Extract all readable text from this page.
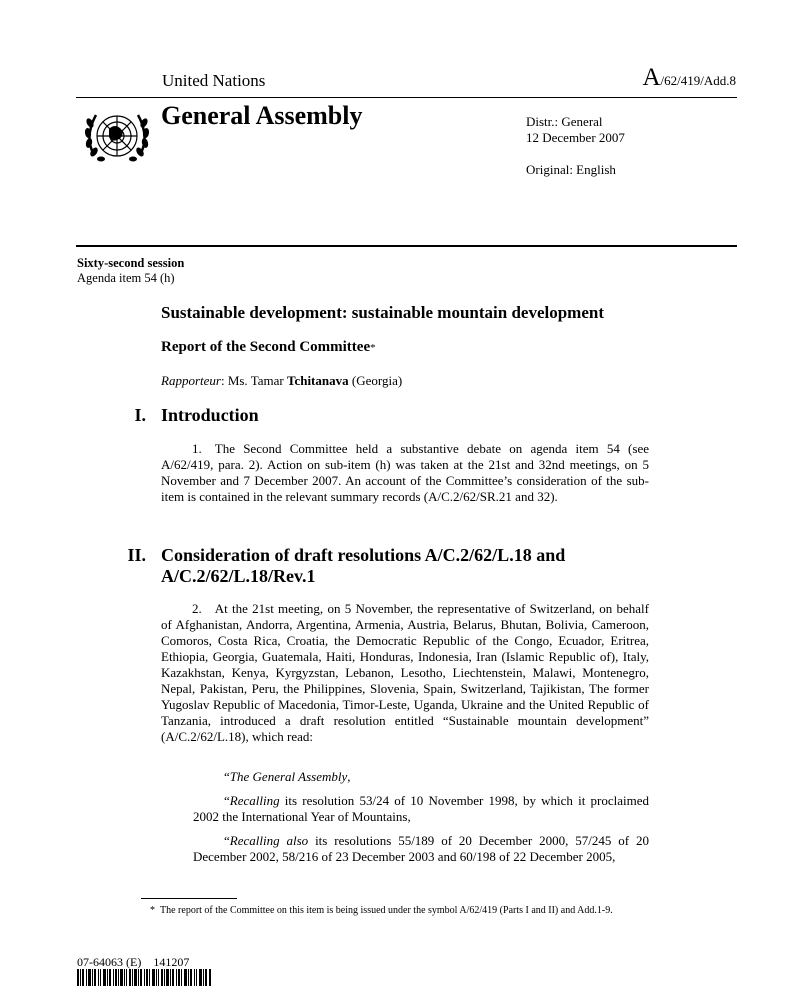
United Nations	A/62/419/Add.8
General Assembly	Distr.: General
12 December 2007
Original: English
Sixty-second session
Agenda item 54 (h)
Sustainable development: sustainable mountain development
Report of the Second Committee*
Rapporteur: Ms. Tamar Tchitanava (Georgia)
I. Introduction
1. The Second Committee held a substantive debate on agenda item 54 (see A/62/419, para. 2). Action on sub-item (h) was taken at the 21st and 32nd meetings, on 5 November and 7 December 2007. An account of the Committee’s consideration of the sub-item is contained in the relevant summary records (A/C.2/62/SR.21 and 32).
II. Consideration of draft resolutions A/C.2/62/L.18 and
A/C.2/62/L.18/Rev.1
2. At the 21st meeting, on 5 November, the representative of Switzerland, on behalf of Afghanistan, Andorra, Argentina, Armenia, Austria, Belarus, Bhutan, Bolivia, Cameroon, Comoros, Costa Rica, Croatia, the Democratic Republic of the Congo, Ecuador, Eritrea, Ethiopia, Georgia, Guatemala, Haiti, Honduras, Indonesia, Iran (Islamic Republic of), Italy, Kazakhstan, Kenya, Kyrgyzstan, Lebanon, Lesotho, Liechtenstein, Malawi, Montenegro, Nepal, Pakistan, Peru, the Philippines, Slovenia, Spain, Switzerland, Tajikistan, The former Yugoslav Republic of Macedonia, Timor-Leste, Uganda, Ukraine and the United Republic of Tanzania, introduced a draft resolution entitled “Sustainable mountain development” (A/C.2/62/L.18), which read:
“The General Assembly,
“Recalling its resolution 53/24 of 10 November 1998, by which it proclaimed 2002 the International Year of Mountains,
“Recalling also its resolutions 55/189 of 20 December 2000, 57/245 of 20 December 2002, 58/216 of 23 December 2003 and 60/198 of 22 December 2005,
* The report of the Committee on this item is being issued under the symbol A/62/419 (Parts I and II) and Add.1-9.
07-64063 (E) 141207
